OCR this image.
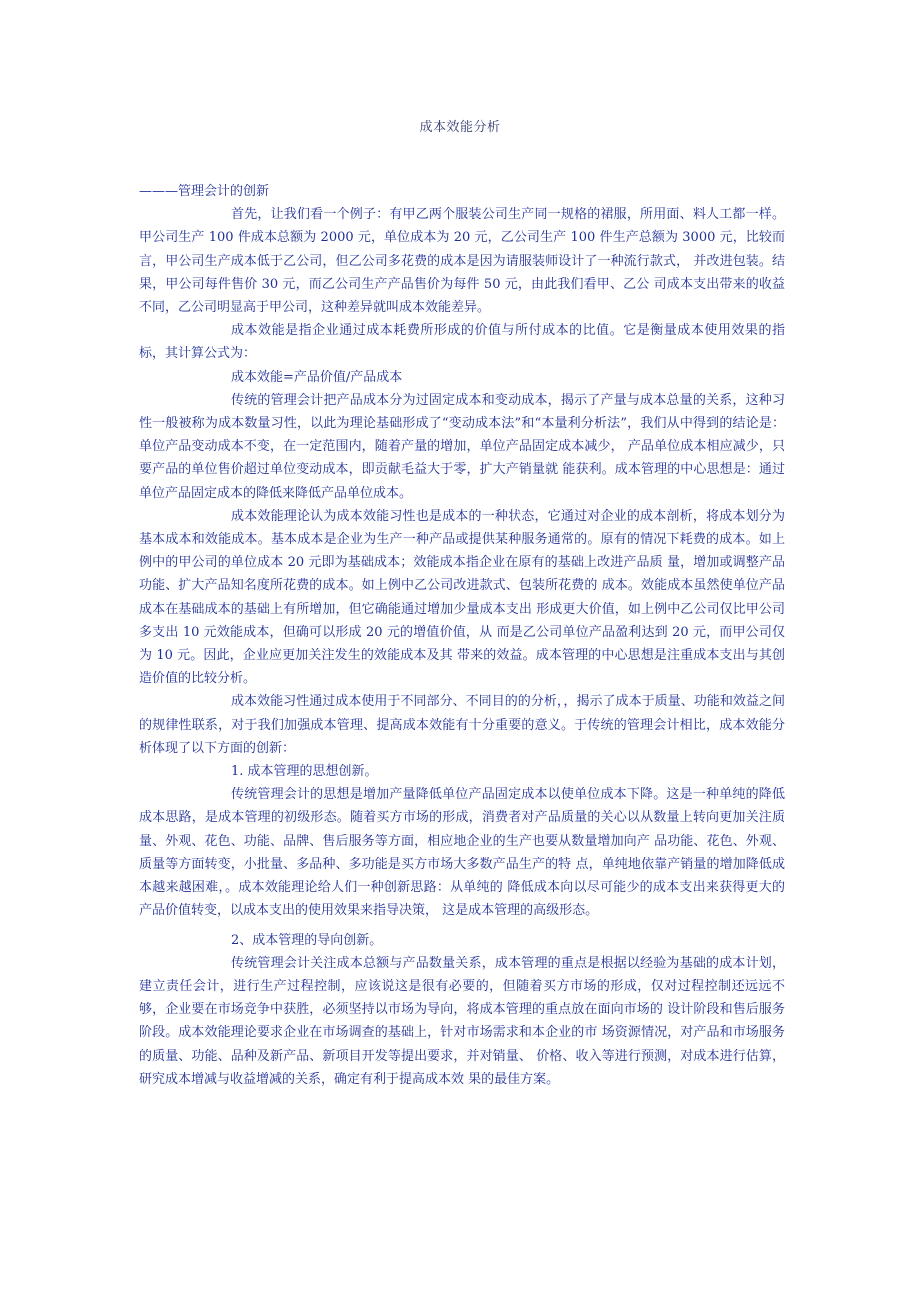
成本效能分析

———管理会计的创新

首先，让我们看一个例子：有甲乙两个服装公司生产同一规格的裙服，所用面、料人工都一样。甲公司生产 100 件成本总额为 2000 元，单位成本为 20 元，乙公司生产 100 件生产总额为 3000 元，比较而言，甲公司生产成本低于乙公司，但乙公司多花费的成本是因为请服装师设计了一种流行款式， 并改进包装。结果，甲公司每件售价 30 元，而乙公司生产产品售价为每件 50 元，由此我们看甲、乙公 司成本支出带来的收益不同，乙公司明显高于甲公司，这种差异就叫成本效能差异。

成本效能是指企业通过成本耗费所形成的价值与所付成本的比值。它是衡量成本使用效果的指 标，其计算公式为：

成本效能=产品价值/产品成本

传统的管理会计把产品成本分为过固定成本和变动成本，揭示了产量与成本总量的关系，这种习 性一般被称为成本数量习性，以此为理论基础形成了“变动成本法”和“本量利分析法”，我们从中得到的结论是：单位产品变动成本不变，在一定范围内，随着产量的增加，单位产品固定成本减少， 产品单位成本相应减少，只要产品的单位售价超过单位变动成本，即贡献毛益大于零，扩大产销量就 能获利。成本管理的中心思想是：通过单位产品固定成本的降低来降低产品单位成本。

成本效能理论认为成本效能习性也是成本的一种状态，它通过对企业的成本剖析，将成本划分为 基本成本和效能成本。基本成本是企业为生产一种产品或提供某种服务通常的。原有的情况下耗费的成本。如上例中的甲公司的单位成本 20 元即为基础成本；效能成本指企业在原有的基础上改进产品质 量，增加或调整产品功能、扩大产品知名度所花费的成本。如上例中乙公司改进款式、包装所花费的 成本。效能成本虽然使单位产品成本在基础成本的基础上有所增加，但它确能通过增加少量成本支出 形成更大价值，如上例中乙公司仅比甲公司多支出 10 元效能成本，但确可以形成 20 元的增值价值，从 而是乙公司单位产品盈利达到 20 元，而甲公司仅为 10 元。因此，企业应更加关注发生的效能成本及其 带来的效益。成本管理的中心思想是注重成本支出与其创造价值的比较分析。

成本效能习性通过成本使用于不同部分、不同目的的分析，，揭示了成本于质量、功能和效益之间的规律性联系，对于我们加强成本管理、提高成本效能有十分重要的意义。于传统的管理会计相比，成本效能分析体现了以下方面的创新：

1. 成本管理的思想创新。

传统管理会计的思想是增加产量降低单位产品固定成本以使单位成本下降。这是一种单纯的降低 成本思路，是成本管理的初级形态。随着买方市场的形成，消费者对产品质量的关心以从数量上转向更加关注质量、外观、花色、功能、品牌、售后服务等方面，相应地企业的生产也要从数量增加向产 品功能、花色、外观、质量等方面转变，小批量、多品种、多功能是买方市场大多数产品生产的特 点，单纯地依靠产销量的增加降低成本越来越困难，。成本效能理论给人们一种创新思路：从单纯的 降低成本向以尽可能少的成本支出来获得更大的产品价值转变，以成本支出的使用效果来指导决策， 这是成本管理的高级形态。

2、成本管理的导向创新。

传统管理会计关注成本总额与产品数量关系，成本管理的重点是根据以经验为基础的成本计划， 建立责任会计，进行生产过程控制，应该说这是很有必要的，但随着买方市场的形成，仅对过程控制还远远不够，企业要在市场竞争中获胜，必须坚持以市场为导向，将成本管理的重点放在面向市场的 设计阶段和售后服务阶段。成本效能理论要求企业在市场调查的基础上，针对市场需求和本企业的市 场资源情况，对产品和市场服务的质量、功能、品种及新产品、新项目开发等提出要求，并对销量、 价格、收入等进行预测，对成本进行估算，研究成本增减与收益增减的关系，确定有利于提高成本效 果的最佳方案。
